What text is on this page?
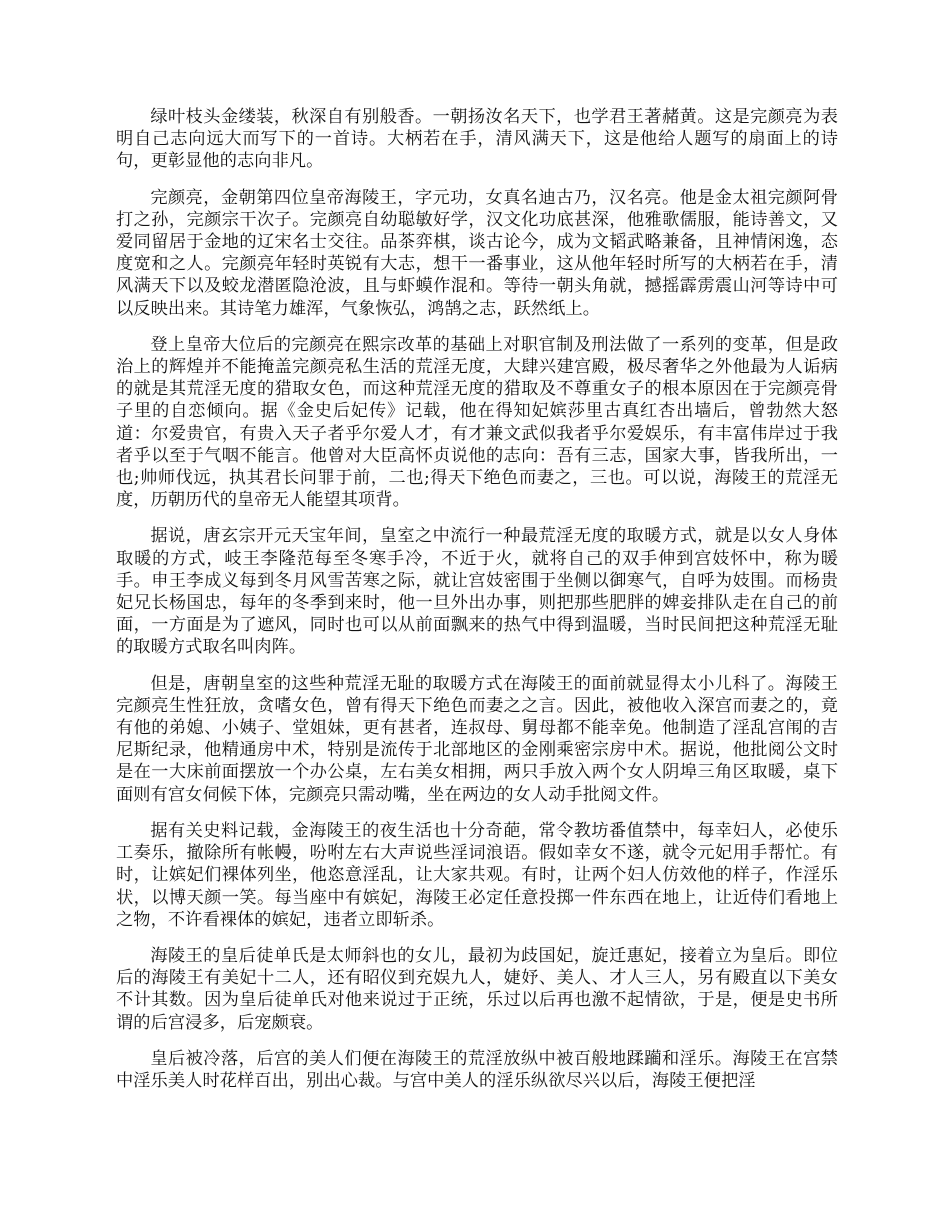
绿叶枝头金缕装，秋深自有别般香。一朝扬汝名天下，也学君王著赭黄。这是完颜亮为表明自己志向远大而写下的一首诗。大柄若在手，清风满天下，这是他给人题写的扇面上的诗句，更彰显他的志向非凡。

完颜亮，金朝第四位皇帝海陵王，字元功，女真名迪古乃，汉名亮。他是金太祖完颜阿骨打之孙，完颜宗干次子。完颜亮自幼聪敏好学，汉文化功底甚深，他雅歌儒服，能诗善文，又爱同留居于金地的辽宋名士交往。品茶弈棋，谈古论今，成为文韬武略兼备，且神情闲逸，态度宽和之人。完颜亮年轻时英锐有大志，想干一番事业，这从他年轻时所写的大柄若在手，清风满天下以及蛟龙潜匿隐沧波，且与虾蟆作混和。等待一朝头角就，撼摇霹雳震山河等诗中可以反映出来。其诗笔力雄浑，气象恢弘，鸿鹄之志，跃然纸上。

登上皇帝大位后的完颜亮在熙宗改革的基础上对职官制及刑法做了一系列的变革，但是政治上的辉煌并不能掩盖完颜亮私生活的荒淫无度，大肆兴建宫殿，极尽奢华之外他最为人诟病的就是其荒淫无度的猎取女色，而这种荒淫无度的猎取及不尊重女子的根本原因在于完颜亮骨子里的自恋倾向。据《金史后妃传》记载，他在得知妃嫔莎里古真红杏出墙后，曾勃然大怒道：尔爱贵官，有贵入天子者乎尔爱人才，有才兼文武似我者乎尔爱娱乐，有丰富伟岸过于我者乎以至于气咽不能言。他曾对大臣高怀贞说他的志向：吾有三志，国家大事，皆我所出，一也;帅师伐远，执其君长问罪于前，二也;得天下绝色而妻之，三也。可以说，海陵王的荒淫无度，历朝历代的皇帝无人能望其项背。

据说，唐玄宗开元天宝年间，皇室之中流行一种最荒淫无度的取暖方式，就是以女人身体取暖的方式，岐王李隆范每至冬寒手冷，不近于火，就将自己的双手伸到宫妓怀中，称为暖手。申王李成义每到冬月风雪苦寒之际，就让宫妓密围于坐侧以御寒气，自呼为妓围。而杨贵妃兄长杨国忠，每年的冬季到来时，他一旦外出办事，则把那些肥胖的婢妾排队走在自己的前面，一方面是为了遮风，同时也可以从前面飘来的热气中得到温暖，当时民间把这种荒淫无耻的取暖方式取名叫肉阵。

但是，唐朝皇室的这些种荒淫无耻的取暖方式在海陵王的面前就显得太小儿科了。海陵王完颜亮生性狂放，贪嗜女色，曾有得天下绝色而妻之之言。因此，被他收入深宫而妻之的，竟有他的弟媳、小姨子、堂姐妹，更有甚者，连叔母、舅母都不能幸免。他制造了淫乱宫闱的吉尼斯纪录，他精通房中术，特别是流传于北部地区的金刚乘密宗房中术。据说，他批阅公文时是在一大床前面摆放一个办公桌，左右美女相拥，两只手放入两个女人阴埠三角区取暖，桌下面则有宫女伺候下体，完颜亮只需动嘴，坐在两边的女人动手批阅文件。

据有关史料记载，金海陵王的夜生活也十分奇葩，常令教坊番值禁中，每幸妇人，必使乐工奏乐，撤除所有帐幔，吩咐左右大声说些淫词浪语。假如幸女不遂，就令元妃用手帮忙。有时，让嫔妃们裸体列坐，他恣意淫乱，让大家共观。有时，让两个妇人仿效他的样子，作淫乐状，以博天颜一笑。每当座中有嫔妃，海陵王必定任意投掷一件东西在地上，让近侍们看地上之物，不许看裸体的嫔妃，违者立即斩杀。

海陵王的皇后徒单氏是太师斜也的女儿，最初为歧国妃，旋迁惠妃，接着立为皇后。即位后的海陵王有美妃十二人，还有昭仪到充娱九人，婕妤、美人、才人三人，另有殿直以下美女不计其数。因为皇后徒单氏对他来说过于正统，乐过以后再也激不起情欲，于是，便是史书所谓的后宫浸多，后宠颇衰。

皇后被冷落，后宫的美人们便在海陵王的荒淫放纵中被百般地蹂躏和淫乐。海陵王在宫禁中淫乐美人时花样百出，别出心裁。与宫中美人的淫乐纵欲尽兴以后，海陵王便把淫
